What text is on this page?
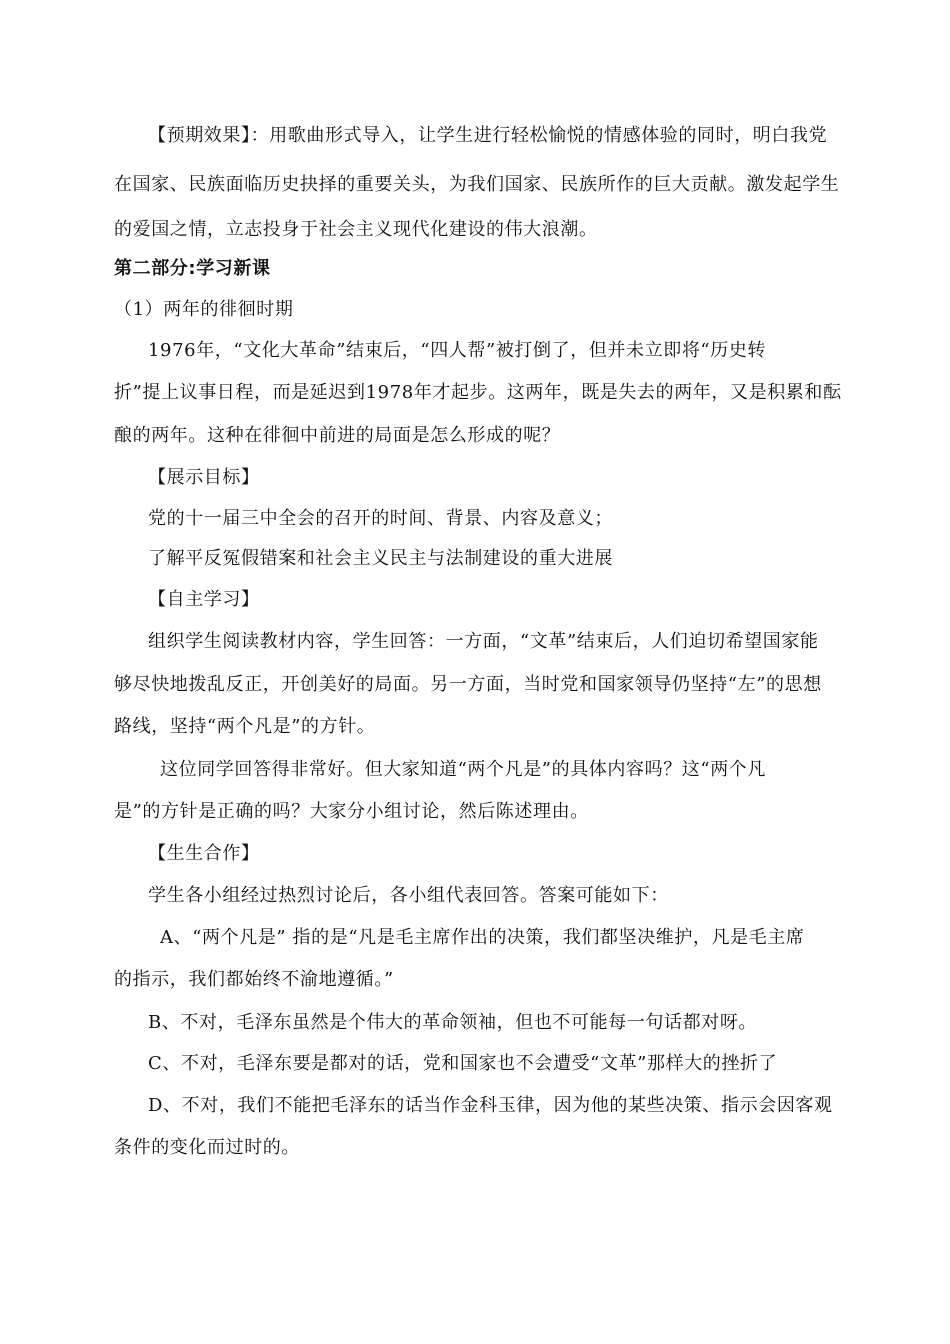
【预期效果】：用歌曲形式导入，让学生进行轻松愉悦的情感体验的同时，明白我党
在国家、民族面临历史抉择的重要关头，为我们国家、民族所作的巨大贡献。激发起学生
的爱国之情，立志投身于社会主义现代化建设的伟大浪潮。
第二部分:学习新课
（1）两年的徘徊时期
1976年，“文化大革命”结束后，“四人帮”被打倒了，但并未立即将“历史转
折”提上议事日程，而是延迟到1978年才起步。这两年，既是失去的两年，又是积累和酝
酿的两年。这种在徘徊中前进的局面是怎么形成的呢？
【展示目标】
党的十一届三中全会的召开的时间、背景、内容及意义；
了解平反冤假错案和社会主义民主与法制建设的重大进展
【自主学习】
组织学生阅读教材内容，学生回答：一方面，“文革”结束后，人们迫切希望国家能
够尽快地拨乱反正，开创美好的局面。另一方面，当时党和国家领导仍坚持“左”的思想
路线，坚持“两个凡是”的方针。
这位同学回答得非常好。但大家知道“两个凡是”的具体内容吗？这“两个凡
是”的方针是正确的吗？大家分小组讨论，然后陈述理由。
【生生合作】
学生各小组经过热烈讨论后，各小组代表回答。答案可能如下：
A、“两个凡是” 指的是“凡是毛主席作出的决策，我们都坚决维护，凡是毛主席
的指示，我们都始终不渝地遵循。”
B、不对，毛泽东虽然是个伟大的革命领袖，但也不可能每一句话都对呀。
C、不对，毛泽东要是都对的话，党和国家也不会遭受“文革”那样大的挫折了
D、不对，我们不能把毛泽东的话当作金科玉律，因为他的某些决策、指示会因客观
条件的变化而过时的。
